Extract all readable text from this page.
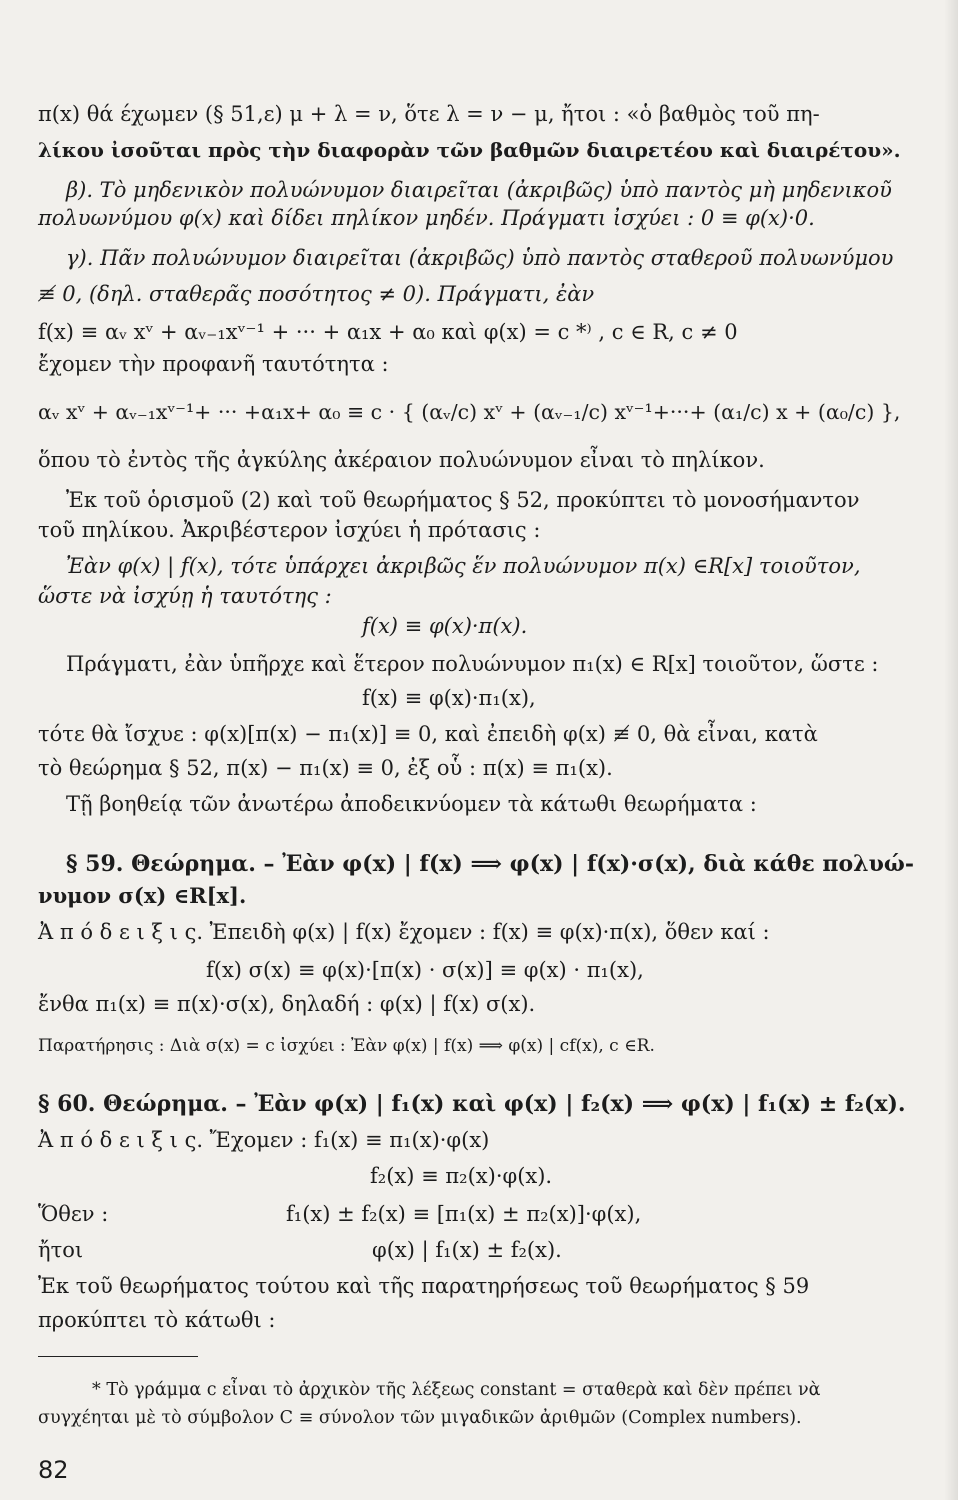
π(x) θά έχωμεν (§ 51,ε) μ + λ = ν, ὅτε λ = ν − μ, ἤτοι : «ὁ βαθμὸς τοῦ πη-
λίκου ἰσοῦται πρὸς τὴν διαφορὰν τῶν βαθμῶν διαιρετέου καὶ διαιρέτου».
β). Τὸ μηδενικὸν πολυώνυμον διαιρεῖται (ἀκριβῶς) ὑπὸ παντὸς μὴ μηδενικοῦ
πολυωνύμου φ(x) καὶ δίδει πηλίκον μηδέν. Πράγματι ἰσχύει : 0 ≡ φ(x)·0.
γ). Πᾶν πολυώνυμον διαιρεῖται (ἀκριβῶς) ὑπὸ παντὸς σταθεροῦ πολυωνύμου
≢ 0, (δηλ. σταθερᾶς ποσότητος ≠ 0). Πράγματι, ἐὰν
f(x) ≡ αᵥ xᵛ + αᵥ₋₁xᵛ⁻¹ + ··· + α₁x + α₀ καὶ φ(x) = c *⁾ , c ∈ R, c ≠ 0
ἔχομεν τὴν προφανῆ ταυτότητα :
αᵥ xᵛ + αᵥ₋₁xᵛ⁻¹+ ··· +α₁x+ α₀ ≡ c · { (αᵥ/c) xᵛ + (αᵥ₋₁/c) xᵛ⁻¹+···+ (α₁/c) x + (α₀/c) },
ὅπου τὸ ἐντὸς τῆς ἀγκύλης ἀκέραιον πολυώνυμον εἶναι τὸ πηλίκον.
Ἐκ τοῦ ὁρισμοῦ (2) καὶ τοῦ θεωρήματος § 52, προκύπτει τὸ μονοσήμαντον
τοῦ πηλίκου. Ἀκριβέστερον ἰσχύει ἡ πρότασις :
Ἐὰν φ(x) | f(x), τότε ὑπάρχει ἀκριβῶς ἕν πολυώνυμον π(x) ∈R[x] τοιοῦτον,
ὥστε νὰ ἰσχύῃ ἡ ταυτότης :
f(x) ≡ φ(x)·π(x).
Πράγματι, ἐὰν ὑπῆρχε καὶ ἕτερον πολυώνυμον π₁(x) ∈ R[x] τοιοῦτον, ὥστε :
f(x) ≡ φ(x)·π₁(x),
τότε θὰ ἴσχυε : φ(x)[π(x) − π₁(x)] ≡ 0, καὶ ἐπειδὴ φ(x) ≢ 0, θὰ εἶναι, κατὰ
τὸ θεώρημα § 52, π(x) − π₁(x) ≡ 0, ἐξ οὗ : π(x) ≡ π₁(x).
Τῇ βοηθείᾳ τῶν ἀνωτέρω ἀποδεικνύομεν τὰ κάτωθι θεωρήματα :
§ 59. Θεώρημα. – Ἐὰν φ(x) | f(x) ⟹ φ(x) | f(x)·σ(x), διὰ κάθε πολυώ-
νυμον σ(x) ∈R[x].
Ἀ π ό δ ε ι ξ ι ς. Ἐπειδὴ φ(x) | f(x) ἔχομεν : f(x) ≡ φ(x)·π(x), ὅθεν καί :
f(x) σ(x) ≡ φ(x)·[π(x) · σ(x)] ≡ φ(x) · π₁(x),
ἔνθα π₁(x) ≡ π(x)·σ(x), δηλαδή : φ(x) | f(x) σ(x).
Παρατήρησις : Διὰ σ(x) = c ἰσχύει : Ἐὰν φ(x) | f(x) ⟹ φ(x) | cf(x), c ∈R.
§ 60. Θεώρημα. – Ἐὰν φ(x) | f₁(x) καὶ φ(x) | f₂(x) ⟹ φ(x) | f₁(x) ± f₂(x).
Ἀ π ό δ ε ι ξ ι ς. Ἔχομεν : f₁(x) ≡ π₁(x)·φ(x)
f₂(x) ≡ π₂(x)·φ(x).
Ὅθεν :	f₁(x) ± f₂(x) ≡ [π₁(x) ± π₂(x)]·φ(x),
ἤτοι	φ(x) | f₁(x) ± f₂(x).
Ἐκ τοῦ θεωρήματος τούτου καὶ τῆς παρατηρήσεως τοῦ θεωρήματος § 59
προκύπτει τὸ κάτωθι :
* Τὸ γράμμα c εἶναι τὸ ἀρχικὸν τῆς λέξεως constant = σταθερὰ καὶ δὲν πρέπει νὰ
συγχέηται μὲ τὸ σύμβολον C ≡ σύνολον τῶν μιγαδικῶν ἀριθμῶν (Complex numbers).
82
